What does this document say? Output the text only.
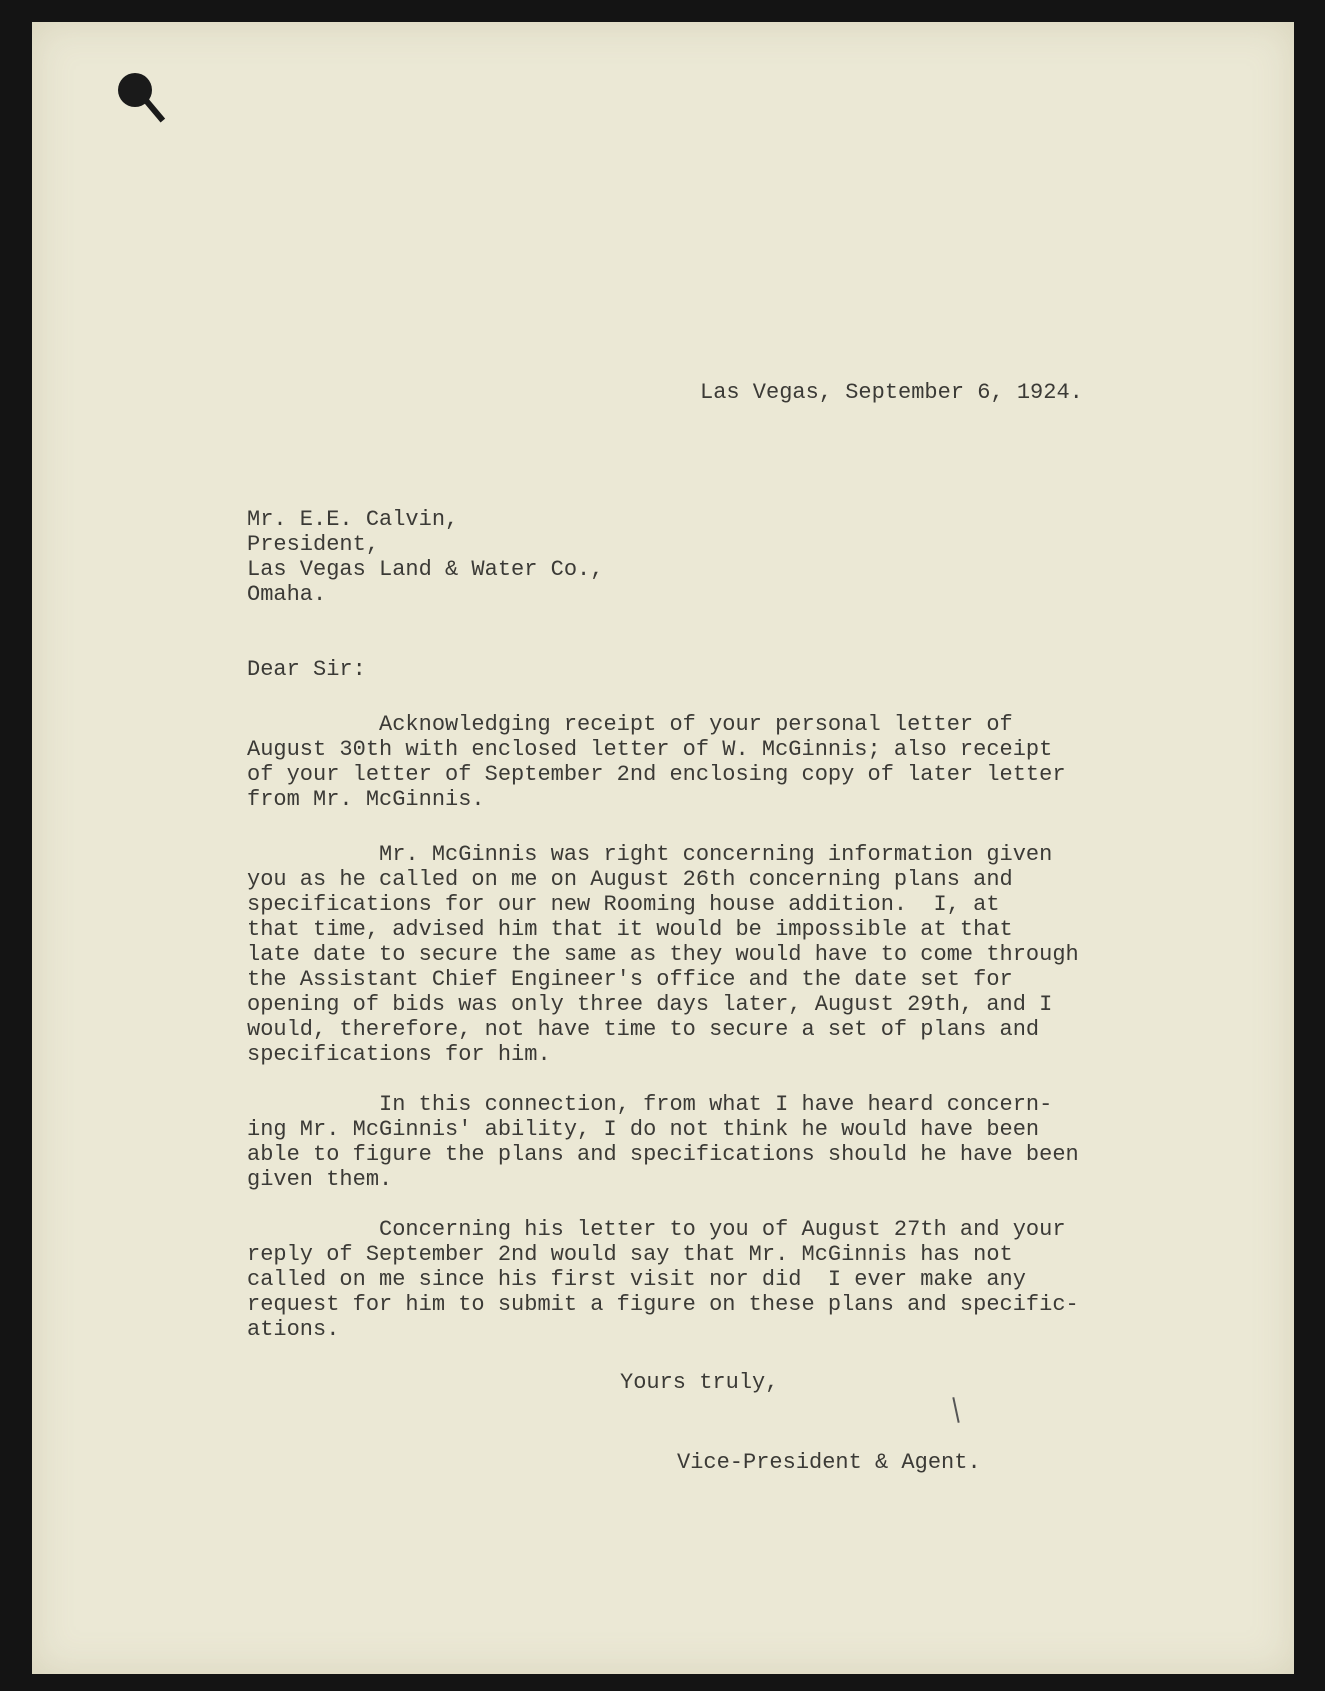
Las Vegas, September 6, 1924.

Mr. E.E. Calvin,

President,

Las Vegas Land & Water Co.,

Omaha.

Dear Sir:

Acknowledging receipt of your personal letter of

August 30th with enclosed letter of W. McGinnis; also receipt

of your letter of September 2nd enclosing copy of later letter

from Mr. McGinnis.

Mr. McGinnis was right concerning information given

you as he called on me on August 26th concerning plans and

specifications for our new Rooming house addition.  I, at

that time, advised him that it would be impossible at that

late date to secure the same as they would have to come through

the Assistant Chief Engineer's office and the date set for

opening of bids was only three days later, August 29th, and I

would, therefore, not have time to secure a set of plans and

specifications for him.

In this connection, from what I have heard concern-

ing Mr. McGinnis' ability, I do not think he would have been

able to figure the plans and specifications should he have been

given them.

Concerning his letter to you of August 27th and your

reply of September 2nd would say that Mr. McGinnis has not

called on me since his first visit nor did  I ever make any

request for him to submit a figure on these plans and specific-

ations.

Yours truly,

Vice-President & Agent.
